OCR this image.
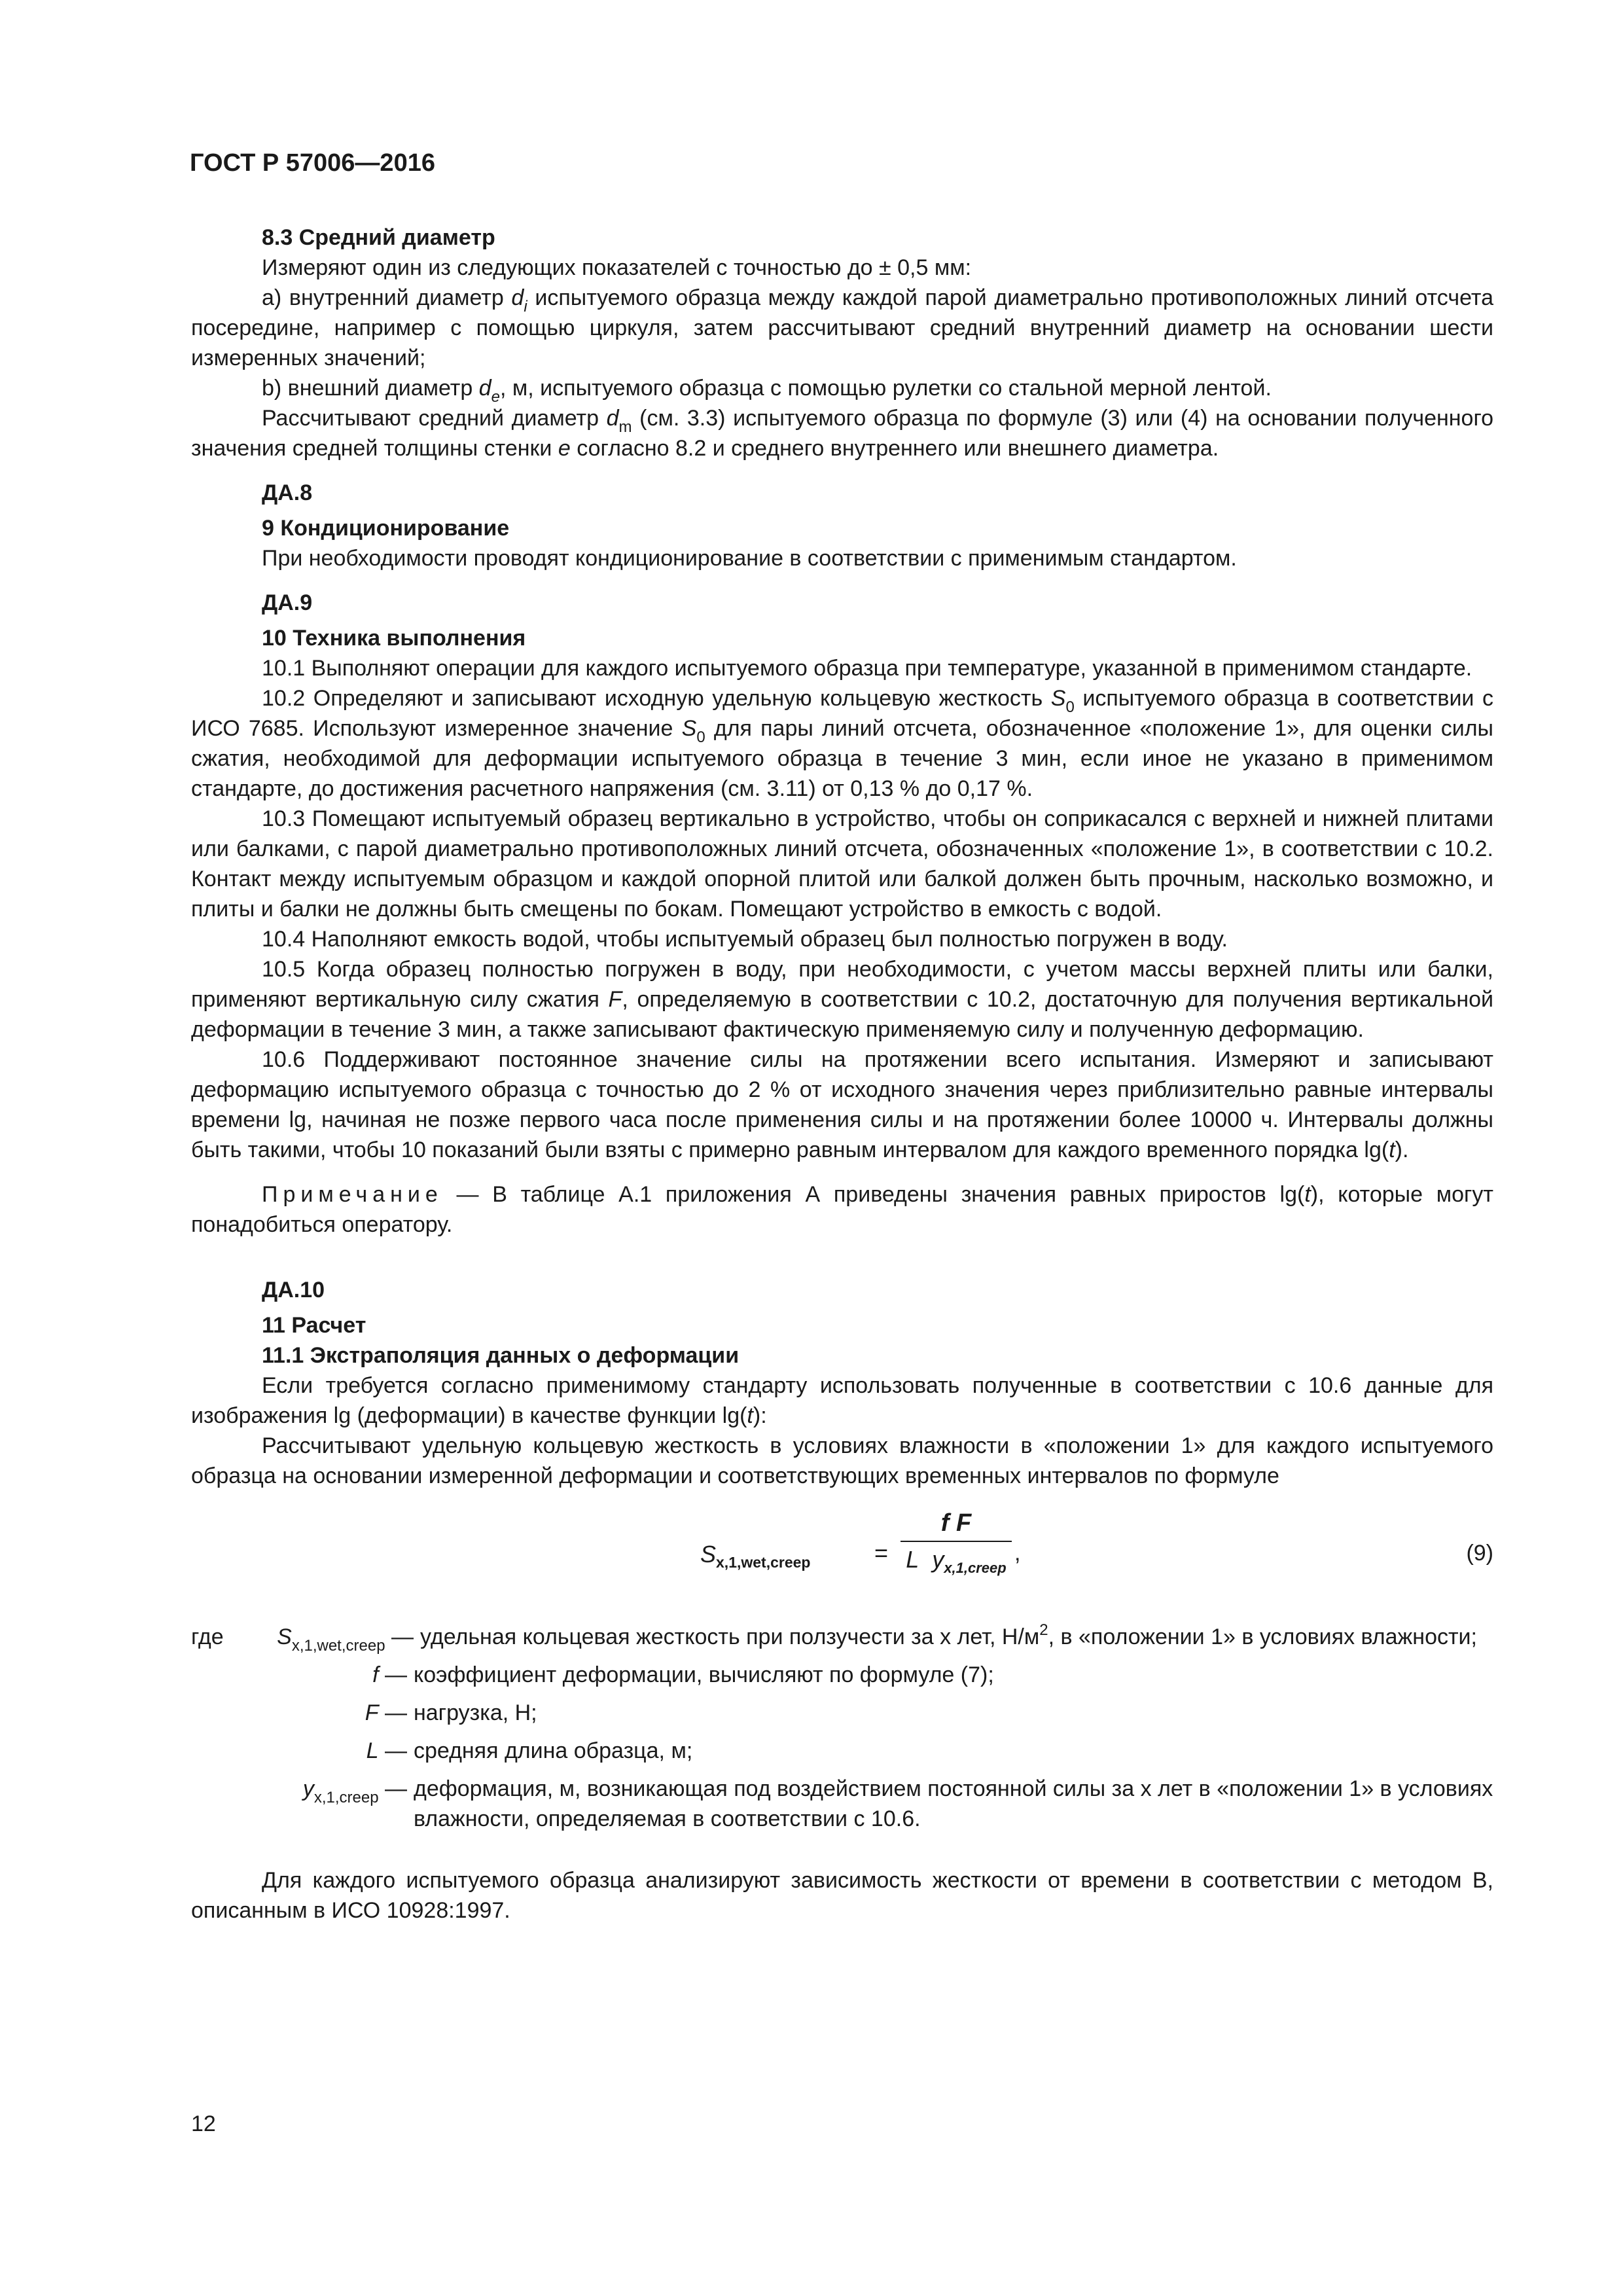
ГОСТ Р 57006—2016

8.3 Средний диаметр

Измеряют один из следующих показателей с точностью до ± 0,5 мм:

а) внутренний диаметр $d_i$ испытуемого образца между каждой парой диаметрально противоположных линий отсчета посередине, например с помощью циркуля, затем рассчитывают средний внутренний диаметр на основании шести измеренных значений;

b) внешний диаметр $d_e$, м, испытуемого образца с помощью рулетки со стальной мерной лентой.

Рассчитывают средний диаметр $d_m$ (см. 3.3) испытуемого образца по формуле (3) или (4) на основании полученного значения средней толщины стенки e согласно 8.2 и среднего внутреннего или внешнего диаметра.

ДА.8

9 Кондиционирование

При необходимости проводят кондиционирование в соответствии с применимым стандартом.

ДА.9

10 Техника выполнения

10.1 Выполняют операции для каждого испытуемого образца при температуре, указанной в применимом стандарте.

10.2 Определяют и записывают исходную удельную кольцевую жесткость $S_0$ испытуемого образца в соответствии с ИСО 7685. Используют измеренное значение $S_0$ для пары линий отсчета, обозначенное «положение 1», для оценки силы сжатия, необходимой для деформации испытуемого образца в течение 3 мин, если иное не указано в применимом стандарте, до достижения расчетного напряжения (см. 3.11) от 0,13 % до 0,17 %.

10.3 Помещают испытуемый образец вертикально в устройство, чтобы он соприкасался с верхней и нижней плитами или балками, с парой диаметрально противоположных линий отсчета, обозначенных «положение 1», в соответствии с 10.2. Контакт между испытуемым образцом и каждой опорной плитой или балкой должен быть прочным, насколько возможно, и плиты и балки не должны быть смещены по бокам. Помещают устройство в емкость с водой.

10.4 Наполняют емкость водой, чтобы испытуемый образец был полностью погружен в воду.

10.5 Когда образец полностью погружен в воду, при необходимости, с учетом массы верхней плиты или балки, применяют вертикальную силу сжатия F, определяемую в соответствии с 10.2, достаточную для получения вертикальной деформации в течение 3 мин, а также записывают фактическую применяемую силу и полученную деформацию.

10.6 Поддерживают постоянное значение силы на протяжении всего испытания. Измеряют и записывают деформацию испытуемого образца с точностью до 2 % от исходного значения через приблизительно равные интервалы времени lg, начиная не позже первого часа после применения силы и на протяжении более 10000 ч. Интервалы должны быть такими, чтобы 10 показаний были взяты с примерно равным интервалом для каждого временного порядка lg(t).

Примечание — В таблице А.1 приложения А приведены значения равных приростов lg(t), которые могут понадобиться оператору.

ДА.10

11 Расчет

11.1 Экстраполяция данных о деформации

Если требуется согласно применимому стандарту использовать полученные в соответствии с 10.6 данные для изображения lg (деформации) в качестве функции lg(t):

Рассчитывают удельную кольцевую жесткость в условиях влажности в «положении 1» для каждого испытуемого образца на основании измеренной деформации и соответствующих временных интервалов по формуле

$S_{x,1,wet,creep}$	=
f F
L $y_{x,1,creep}$
,	(9)
где $S_{x,1,wet,creep}$ — удельная кольцевая жесткость при ползучести за x лет, $Н/м^2$, в «положении 1» в условиях влажности;
f — коэффициент деформации, вычисляют по формуле (7);
F — нагрузка, Н;
L — средняя длина образца, м;
$y_{x,1,creep}$ — деформация, м, возникающая под воздействием постоянной силы за x лет в «положении 1» в условиях влажности, определяемая в соответствии с 10.6.

Для каждого испытуемого образца анализируют зависимость жесткости от времени в соответствии с методом В, описанным в ИСО 10928:1997.

12
